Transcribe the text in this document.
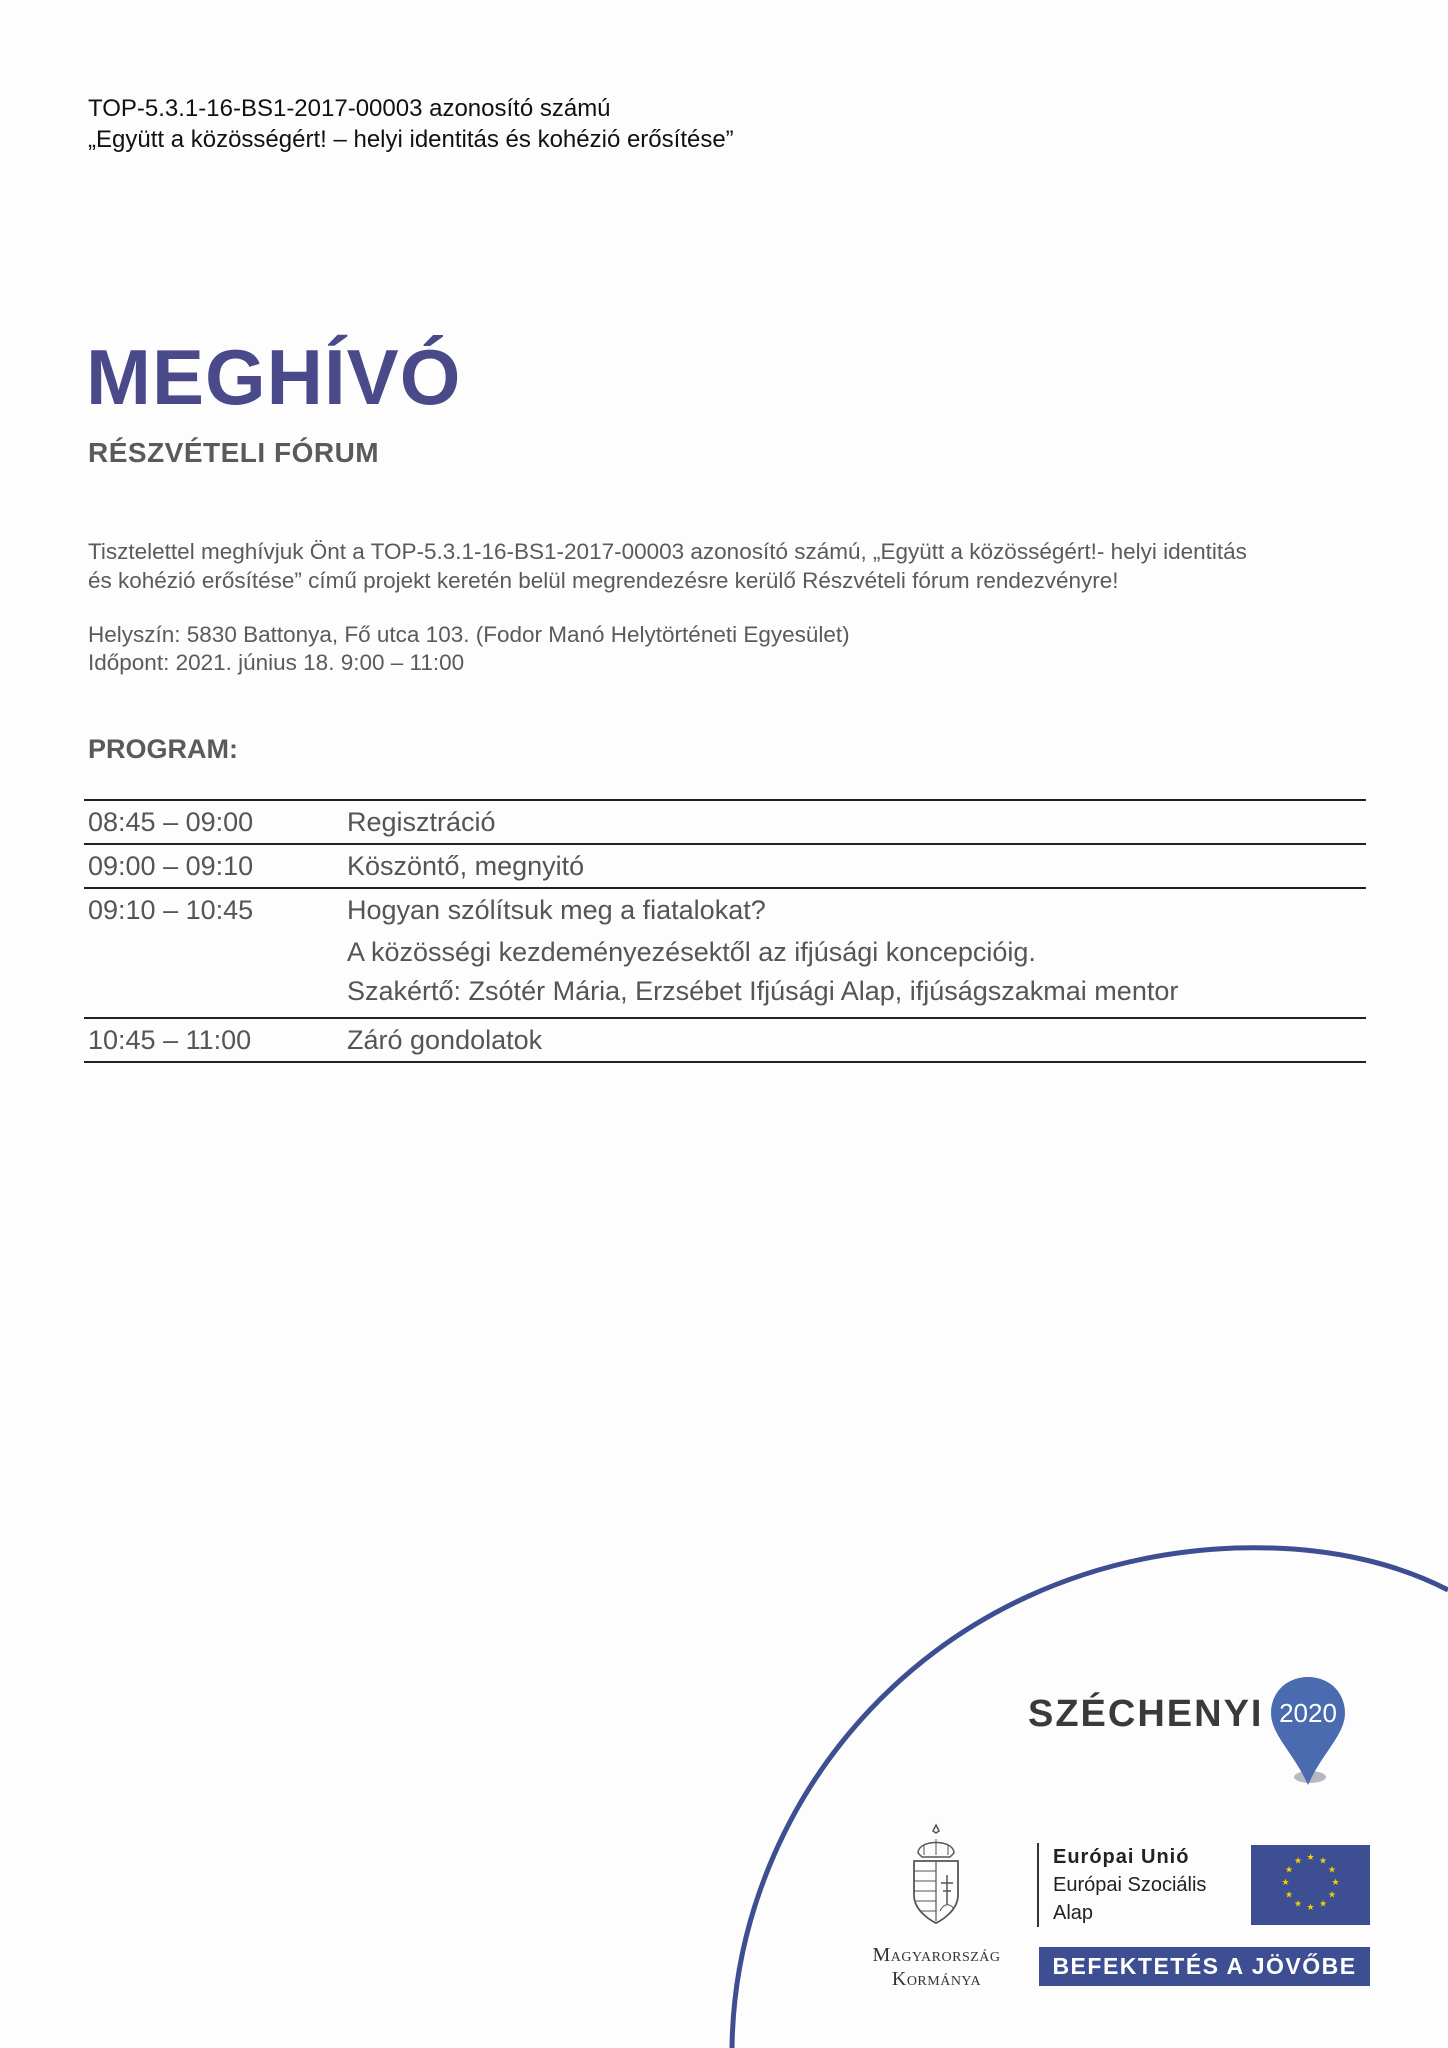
TOP-5.3.1-16-BS1-2017-00003 azonosító számú
„Együtt a közösségért! – helyi identitás és kohézió erősítése”
MEGHÍVÓ
RÉSZVÉTELI FÓRUM
Tisztelettel meghívjuk Önt a TOP-5.3.1-16-BS1-2017-00003 azonosító számú, „Együtt a közösségért!- helyi identitás
és kohézió erősítése” című projekt keretén belül megrendezésre kerülő Részvételi fórum rendezvényre!
Helyszín: 5830 Battonya, Fő utca 103. (Fodor Manó Helytörténeti Egyesület)
Időpont: 2021. június 18. 9:00 – 11:00
PROGRAM:
08:45 – 09:00	Regisztráció
09:00 – 09:10	Köszöntő, megnyitó
09:10 – 10:45	Hogyan szólítsuk meg a fiatalokat?
A közösségi kezdeményezésektől az ifjúsági koncepcióig.
Szakértő: Zsótér Mária, Erzsébet Ifjúsági Alap, ifjúságszakmai mentor
10:45 – 11:00	Záró gondolatok
SZÉCHENYI 2020
Magyarország
Kormánya
Európai Unió
Európai Szociális
Alap
★ ★
★
★
★
★
★
★
★
★
★
★
BEFEKTETÉS A JÖVŐBE
